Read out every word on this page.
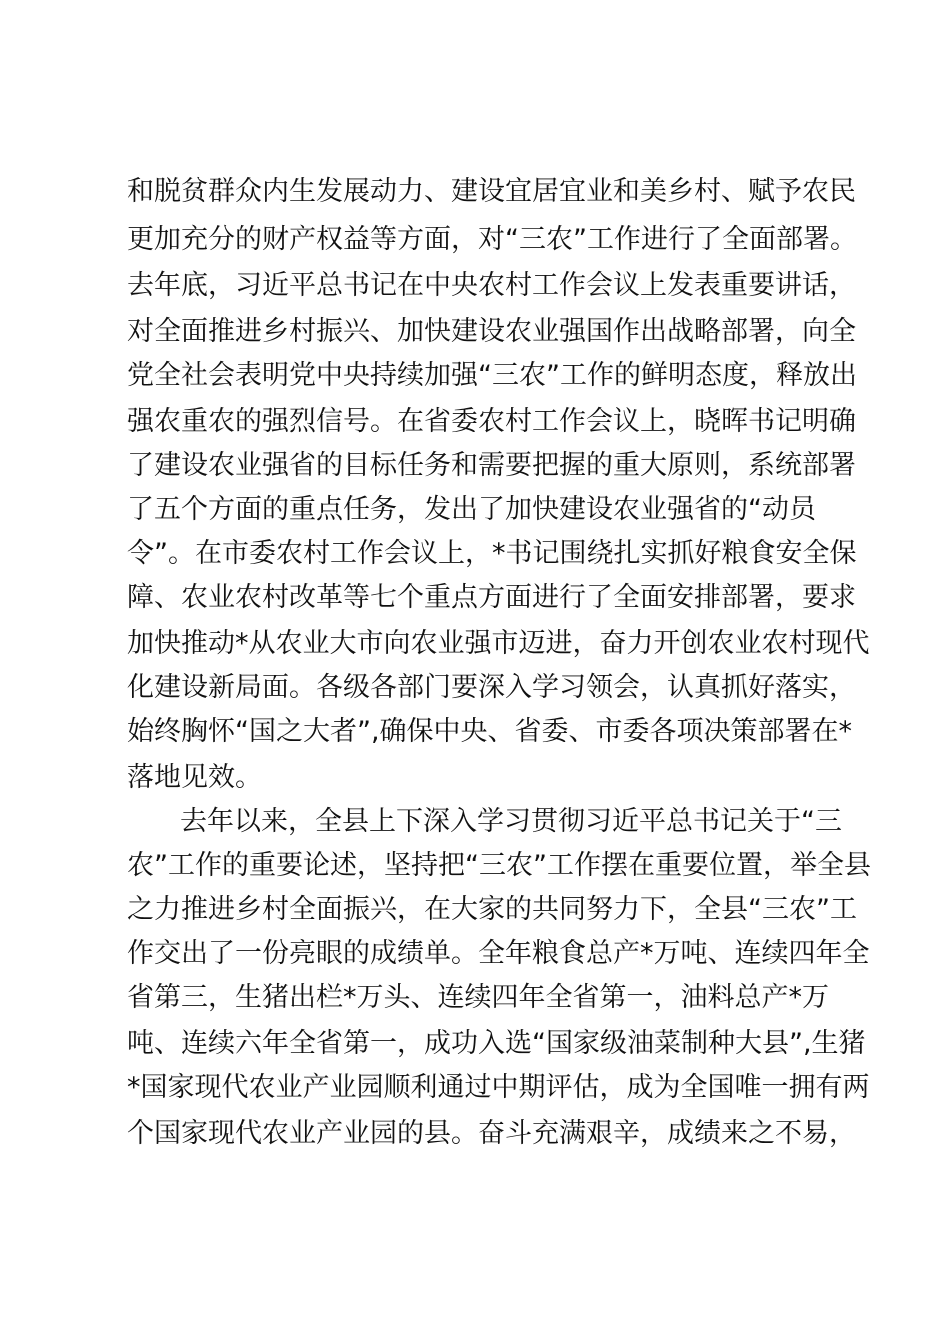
和脱贫群众内生发展动力、建设宜居宜业和美乡村、赋予农民
更加充分的财产权益等方面，对“三农”工作进行了全面部署。
去年底，习近平总书记在中央农村工作会议上发表重要讲话，
对全面推进乡村振兴、加快建设农业强国作出战略部署，向全
党全社会表明党中央持续加强“三农”工作的鲜明态度，释放出
强农重农的强烈信号。在省委农村工作会议上，晓晖书记明确
了建设农业强省的目标任务和需要把握的重大原则，系统部署
了五个方面的重点任务，发出了加快建设农业强省的“动员
令”。在市委农村工作会议上，*书记围绕扎实抓好粮食安全保
障、农业农村改革等七个重点方面进行了全面安排部署，要求
加快推动*从农业大市向农业强市迈进，奋力开创农业农村现代
化建设新局面。各级各部门要深入学习领会，认真抓好落实，
始终胸怀“国之大者”,确保中央、省委、市委各项决策部署在*
落地见效。
去年以来，全县上下深入学习贯彻习近平总书记关于“三
农”工作的重要论述，坚持把“三农”工作摆在重要位置，举全县
之力推进乡村全面振兴，在大家的共同努力下，全县“三农”工
作交出了一份亮眼的成绩单。全年粮食总产*万吨、连续四年全
省第三，生猪出栏*万头、连续四年全省第一，油料总产*万
吨、连续六年全省第一，成功入选“国家级油菜制种大县”,生猪
*国家现代农业产业园顺利通过中期评估，成为全国唯一拥有两
个国家现代农业产业园的县。奋斗充满艰辛，成绩来之不易，
